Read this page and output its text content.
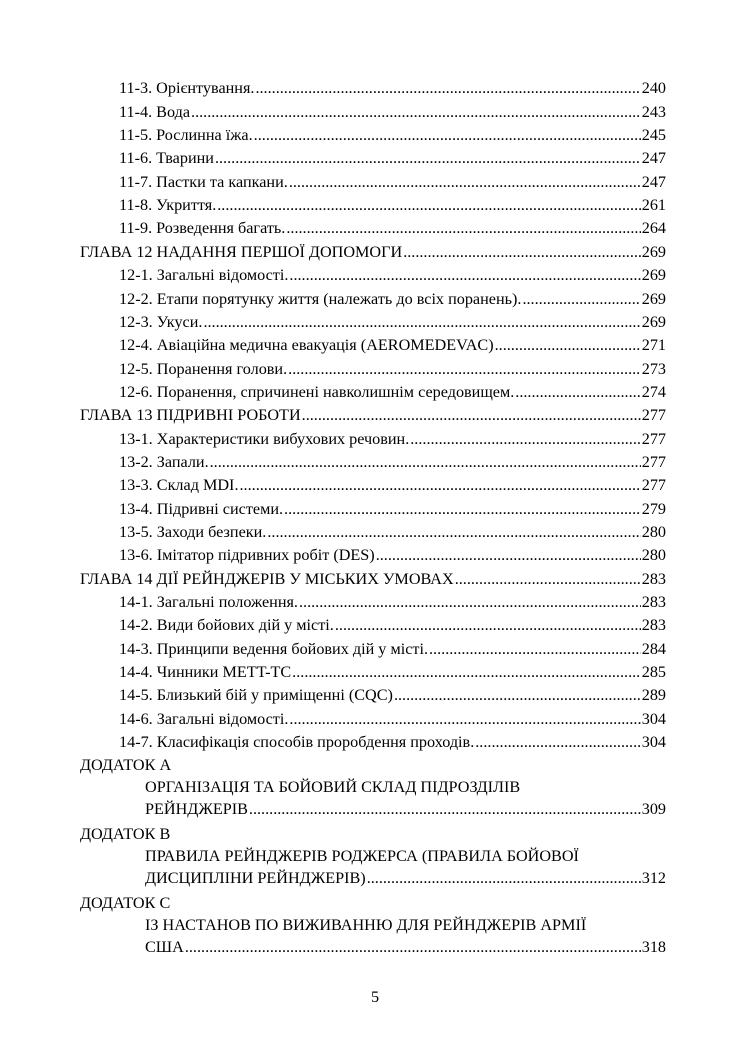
11-3. Орієнтування. .....	240
11-4. Вода .....	243
11-5. Рослинна їжа. .....	245
11-6. Тварини .....	247
11-7. Пастки та капкани. .....	247
11-8. Укриття. .....	261
11-9. Розведення багать. .....	264
ГЛАВА 12 НАДАННЯ ПЕРШОЇ ДОПОМОГИ .....	269
12-1. Загальні відомості. .....	269
12-2. Етапи порятунку життя (належать до всіх поранень). .....	269
12-3. Укуси. .....	269
12-4. Авіаційна медична евакуація (AEROMEDEVAC) .....	271
12-5. Поранення голови. .....	273
12-6. Поранення, спричинені навколишнім середовищем. .....	274
ГЛАВА 13 ПІДРИВНІ РОБОТИ .....	277
13-1. Характеристики вибухових речовин. .....	277
13-2. Запали. .....	277
13-3. Склад MDI. .....	277
13-4. Підривні системи. .....	279
13-5. Заходи безпеки. .....	280
13-6. Імітатор підривних робіт (DES) .....	280
ГЛАВА 14 ДІЇ РЕЙНДЖЕРІВ У МІСЬКИХ УМОВАХ .....	283
14-1. Загальні положення. .....	283
14-2. Види бойових дій у місті. .....	283
14-3. Принципи ведення бойових дій у місті. .....	284
14-4. Чинники METT-TC .....	285
14-5. Близький бій у приміщенні (CQC) .....	289
14-6. Загальні відомості. .....	304
14-7. Класифікація способів проробдення проходів. .....	304
ДОДАТОК А
ОРГАНІЗАЦІЯ ТА БОЙОВИЙ СКЛАД ПІДРОЗДІЛІВ
РЕЙНДЖЕРІВ .....	309
ДОДАТОК В
ПРАВИЛА РЕЙНДЖЕРІВ РОДЖЕРСА (ПРАВИЛА БОЙОВОЇ
ДИСЦИПЛІНИ РЕЙНДЖЕРІВ) .....	312
ДОДАТОК С
ІЗ НАСТАНОВ ПО ВИЖИВАННЮ ДЛЯ РЕЙНДЖЕРІВ АРМІЇ
США .....	318
5
